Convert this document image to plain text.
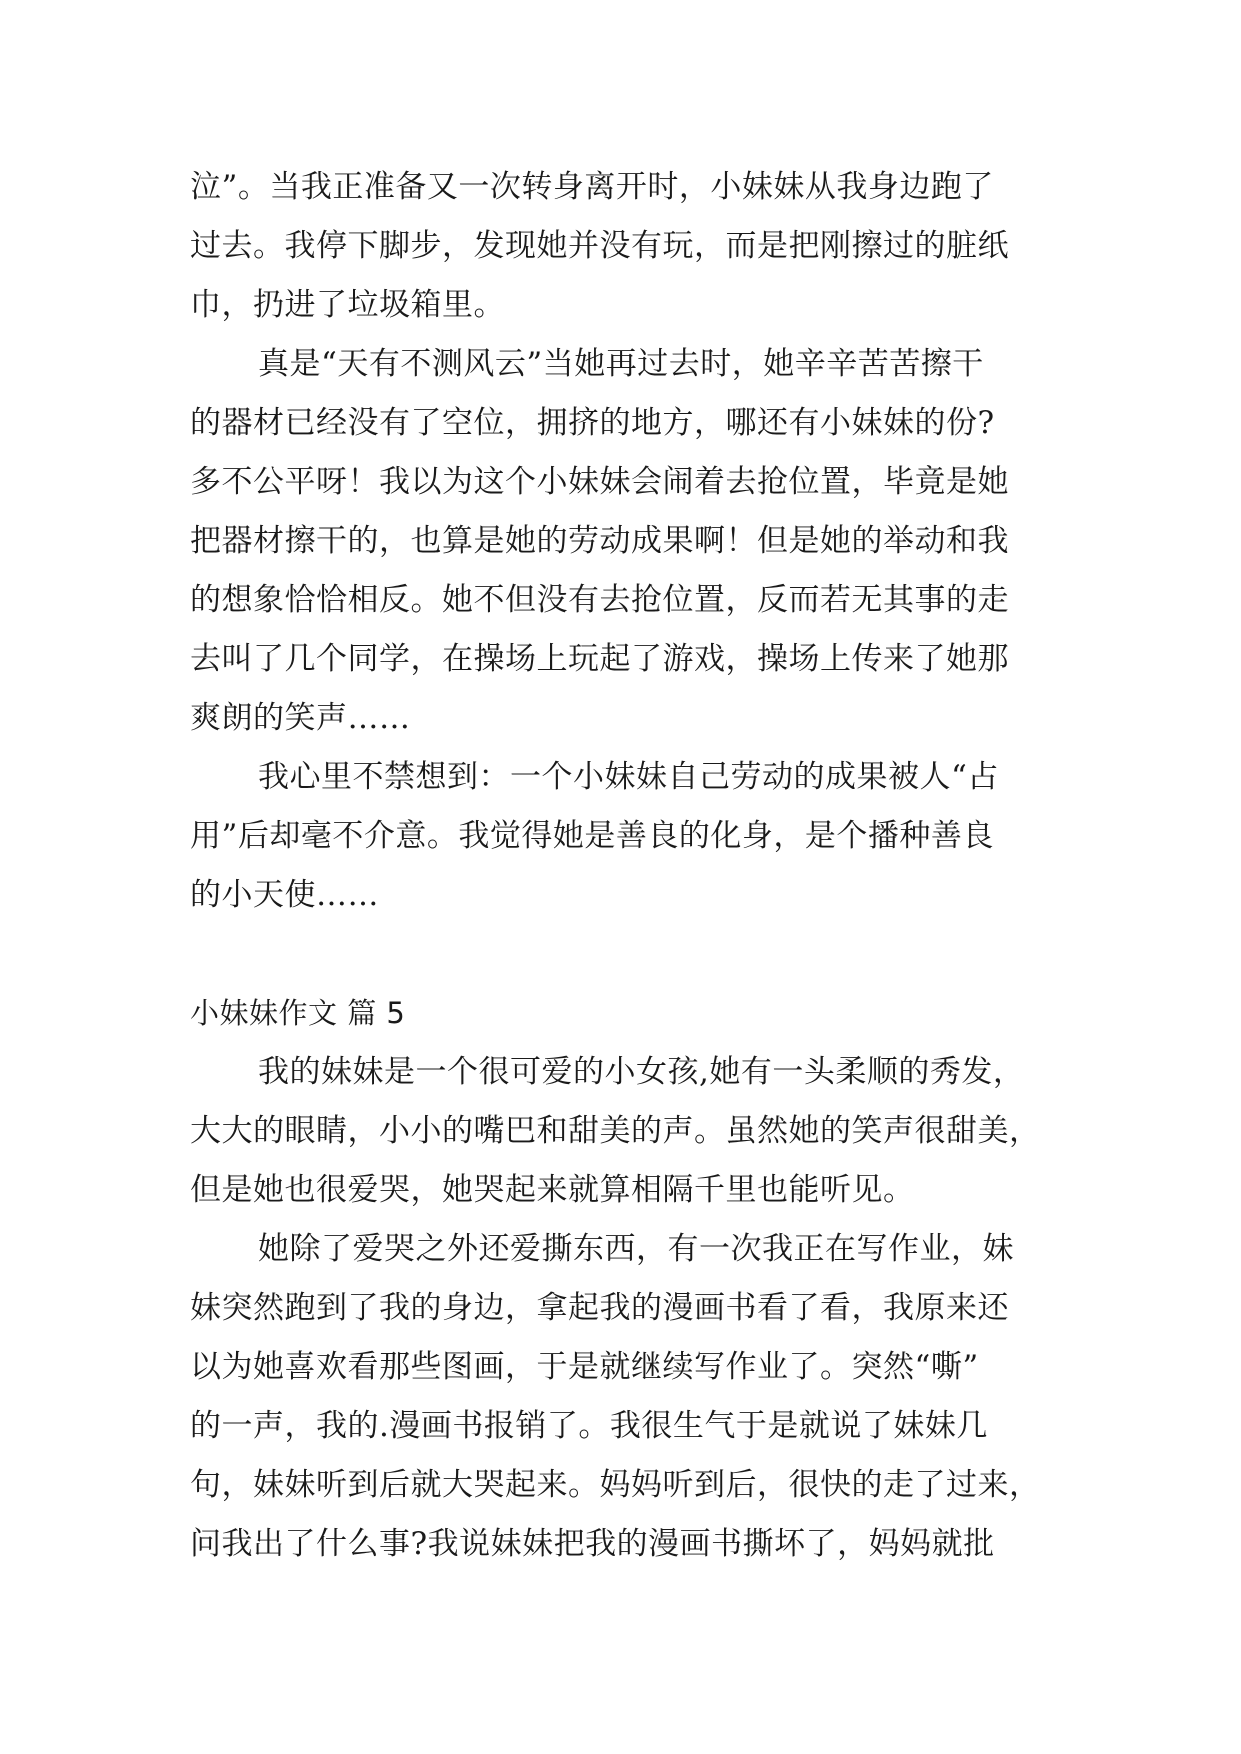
泣”。当我正准备又一次转身离开时，小妹妹从我身边跑了
过去。我停下脚步，发现她并没有玩，而是把刚擦过的脏纸
巾，扔进了垃圾箱里。
真是“天有不测风云”当她再过去时，她辛辛苦苦擦干
的器材已经没有了空位，拥挤的地方，哪还有小妹妹的份?
多不公平呀！我以为这个小妹妹会闹着去抢位置，毕竟是她
把器材擦干的，也算是她的劳动成果啊！但是她的举动和我
的想象恰恰相反。她不但没有去抢位置，反而若无其事的走
去叫了几个同学，在操场上玩起了游戏，操场上传来了她那
爽朗的笑声……
我心里不禁想到：一个小妹妹自己劳动的成果被人“占
用”后却毫不介意。我觉得她是善良的化身，是个播种善良
的小天使……
小妹妹作文 篇 5
我的妹妹是一个很可爱的小女孩,她有一头柔顺的秀发，
大大的眼睛，小小的嘴巴和甜美的声。虽然她的笑声很甜美，
但是她也很爱哭，她哭起来就算相隔千里也能听见。
她除了爱哭之外还爱撕东西，有一次我正在写作业，妹
妹突然跑到了我的身边，拿起我的漫画书看了看，我原来还
以为她喜欢看那些图画，于是就继续写作业了。突然“嘶”
的一声，我的.漫画书报销了。我很生气于是就说了妹妹几
句，妹妹听到后就大哭起来。妈妈听到后，很快的走了过来，
问我出了什么事?我说妹妹把我的漫画书撕坏了，妈妈就批
